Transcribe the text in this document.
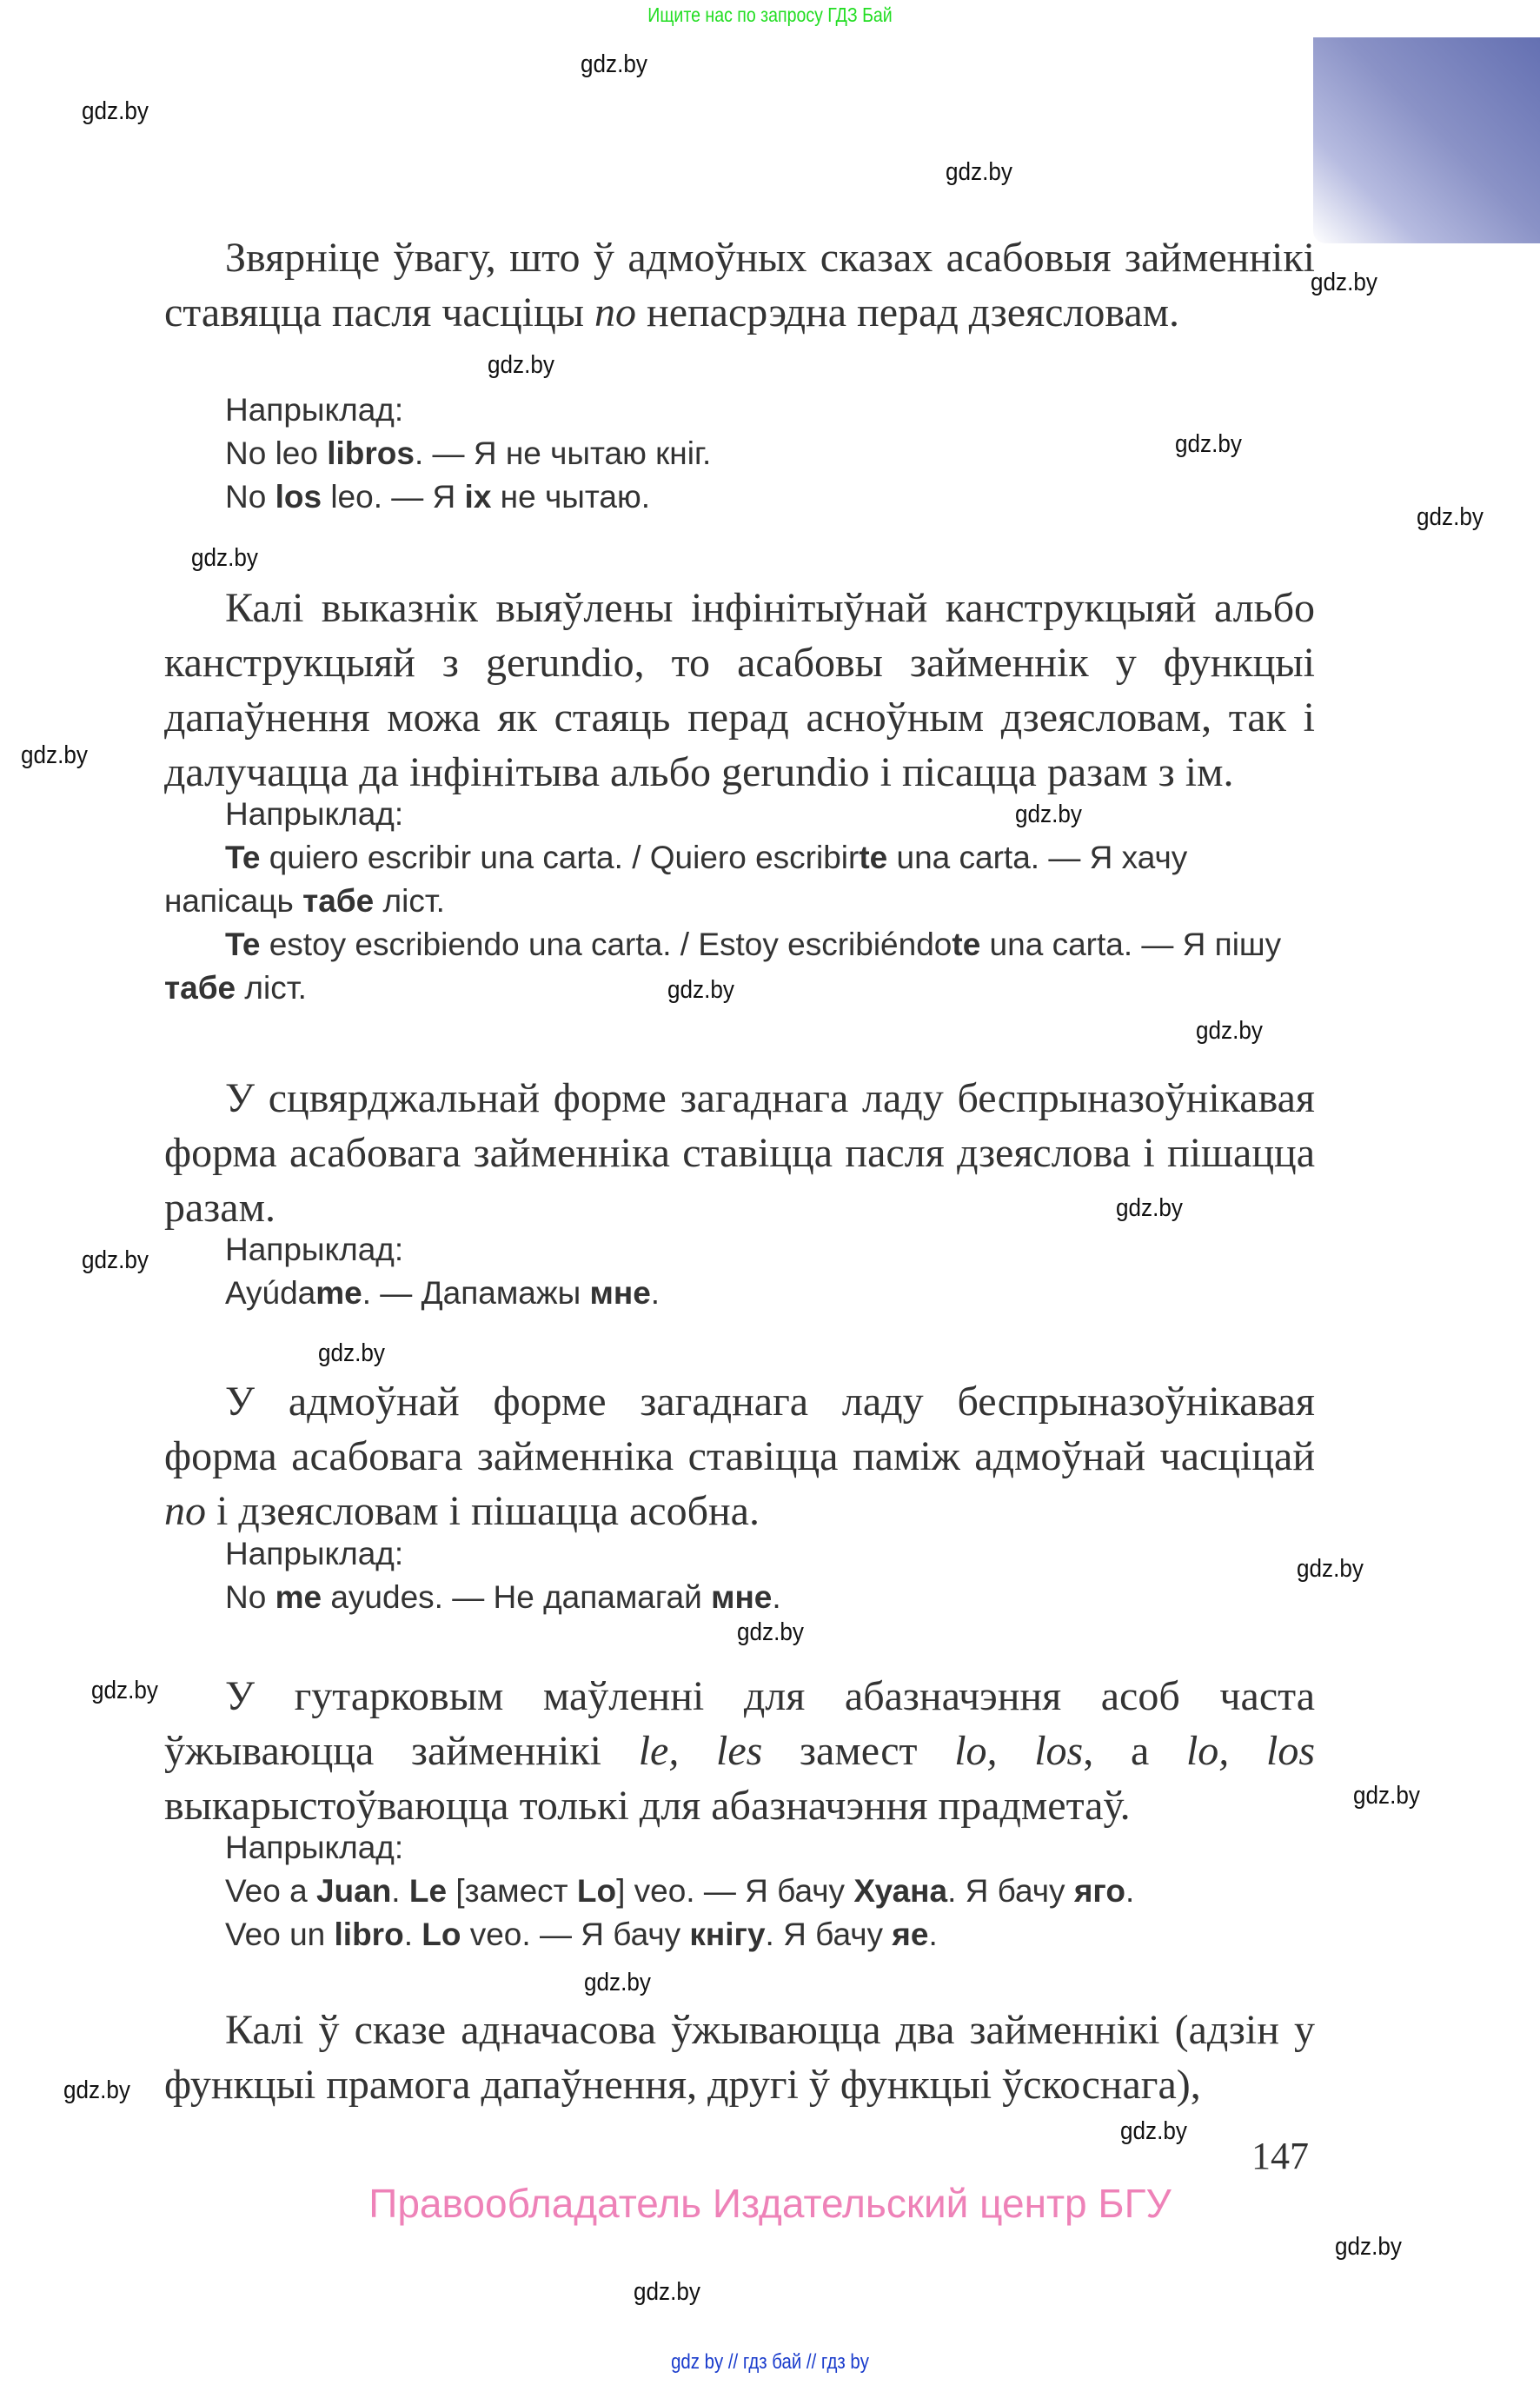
Ищите нас по запросу ГДЗ Бай
gdz.by
gdz.by
gdz.by
gdz.by
gdz.by
gdz.by
gdz.by
gdz.by
gdz.by
gdz.by
gdz.by
gdz.by
gdz.by
gdz.by
gdz.by
gdz.by
gdz.by
gdz.by
gdz.by
gdz.by
gdz.by
gdz.by
gdz.by
gdz.by
Звярніце ўвагу, што ў адмоўных сказах асабовыя займеннікі ставяцца пасля часціцы no непасрэдна перад дзеясловам.
Напрыклад:
No leo libros. — Я не чытаю кніг.
No los leo. — Я іх не чытаю.
Калі выказнік выяўлены інфінітыўнай канструкцыяй альбо канструкцыяй з gerundio, то асабовы займеннік у функцыі дапаўнення можа як стаяць перад асноўным дзеясловам, так і далучацца да інфінітыва альбо gerundio і пісацца разам з ім.
Напрыклад:
Te quiero escribir una carta. / Quiero escribirte una carta. — Я хачу напісаць табе ліст.
Te estoy escribiendo una carta. / Estoy escribiéndote una carta. — Я пішу табе ліст.
У сцвярджальнай форме загаднага ладу беспрыназоўнікавая форма асабовага займенніка ставіцца пасля дзеяслова і пішацца разам.
Напрыклад:
Ayúdame. — Дапамажы мне.
У адмоўнай форме загаднага ладу беспрыназоўнікавая форма асабовага займенніка ставіцца паміж адмоўнай часціцай no і дзеясловам і пішацца асобна.
Напрыклад:
No me ayudes. — Не дапамагай мне.
У гутарковым маўленні для абазначэння асоб часта ўжываюцца займеннікі le, les замест lo, los, а lo, los выкарыстоўваюцца толькі для абазначэння прадметаў.
Напрыклад:
Veo a Juan. Le [замест Lo] veo. — Я бачу Хуана. Я бачу яго.
Veo un libro. Lo veo. — Я бачу кнігу. Я бачу яе.
Калі ў сказе адначасова ўжываюцца два займеннікі (адзін у функцыі прамога дапаўнення, другі ў функцыі ўскоснага),
147
Правообладатель Издательский центр БГУ
gdz by // гдз бай // гдз by
